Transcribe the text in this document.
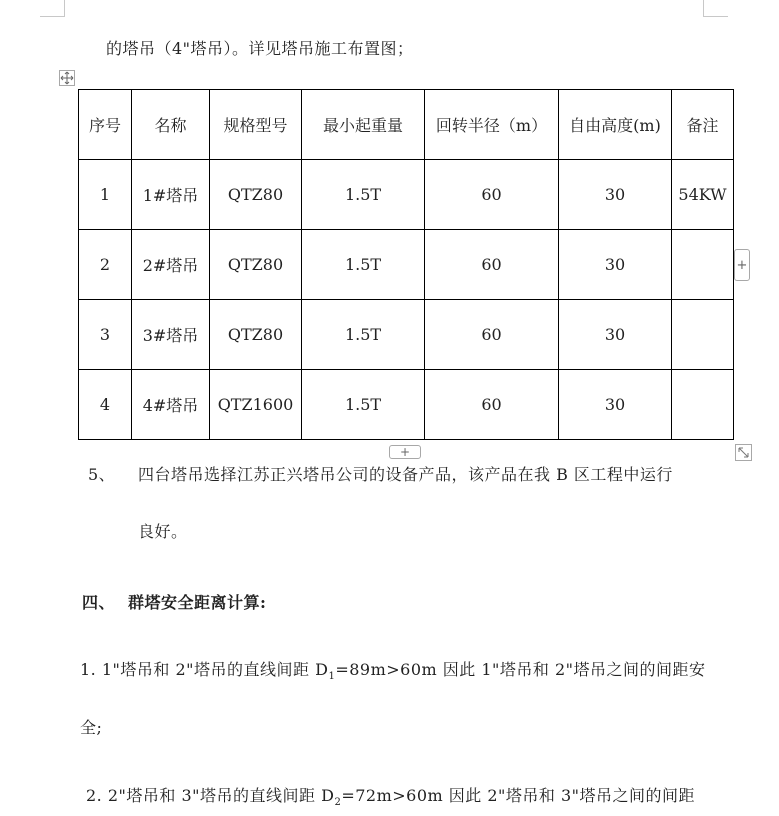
的塔吊（4"塔吊）。详见塔吊施工布置图；
序号	名称	规格型号	最小起重量	回转半径（m）	自由高度(m)	备注
1	1#塔吊	QTZ80	1.5T	60	30	54KW
2	2#塔吊	QTZ80	1.5T	60	30	
3	3#塔吊	QTZ80	1.5T	60	30	
4	4#塔吊	QTZ1600	1.5T	60	30	
+
+
5、 四台塔吊选择江苏正兴塔吊公司的设备产品，该产品在我 B 区工程中运行
良好。
四、 群塔安全距离计算:
1. 1"塔吊和 2"塔吊的直线间距 $D_1=89m>60m$ 因此 1"塔吊和 2"塔吊之间的间距安
全;
2. 2"塔吊和 3"塔吊的直线间距 $D_2=72m>60m$ 因此 2"塔吊和 3"塔吊之间的间距
